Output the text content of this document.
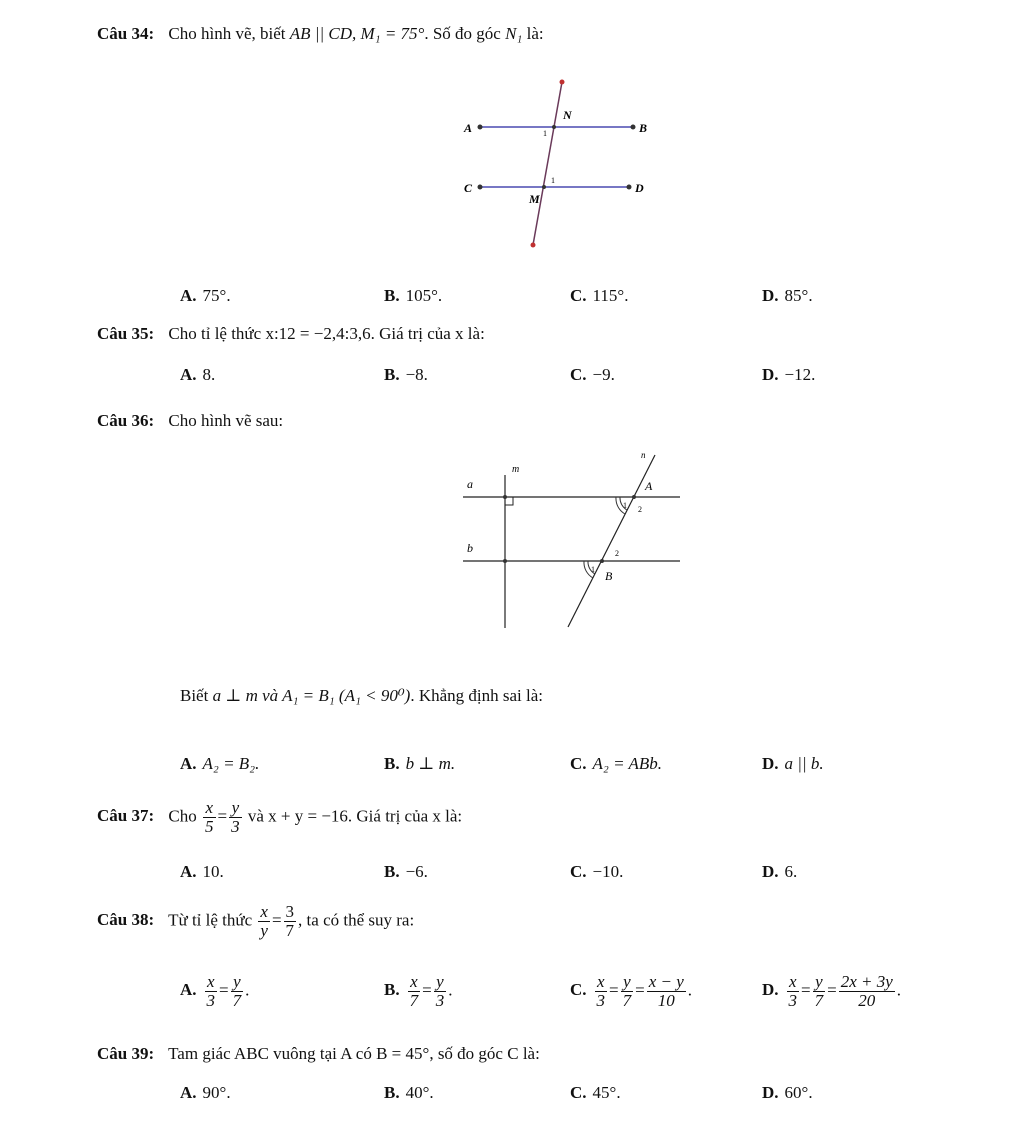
Câu 34: Cho hình vẽ, biết AB || CD, M₁ = 75°. Số đo góc N₁ là:
A	B
C	D
N
M
1
1
A. 75°.	B. 105°.	C. 115°.	D. 85°.
Câu 35: Cho tỉ lệ thức x:12 = −2,4:3,6. Giá trị của x là:
A. 8.	B. −8.	C. −9.	D. −12.
Câu 36: Cho hình vẽ sau:
a
b
m
n
A
B
1 2
1
2
Biết a ⊥ m và A₁ = B₁ (A₁ < 90⁰). Khẳng định sai là:
A. A₂ = B₂.	B. b ⊥ m.	C. A₂ = ABb.	D. a || b.
Câu 37: Cho $\frac{x}{5} = \frac{y}{3}$ và x + y = −16. Giá trị của x là:
A. 10.	B. −6.	C. −10.	D. 6.
Câu 38: Từ tỉ lệ thức $\frac{x}{y} = \frac{3}{7}$ , ta có thể suy ra:
A. $\frac{x}{3} = \frac{y}{7}$ .	B. $\frac{x}{7} = \frac{y}{3}$ .	C. $\frac{x}{3} = \frac{y}{7} = \frac{x - y}{10}$ .	D. $\frac{x}{3} = \frac{y}{7} = \frac{2x + 3y}{20}$ .
Câu 39: Tam giác ABC vuông tại A có B = 45°, số đo góc C là:
A. 90°.	B. 40°.	C. 45°.	D. 60°.
